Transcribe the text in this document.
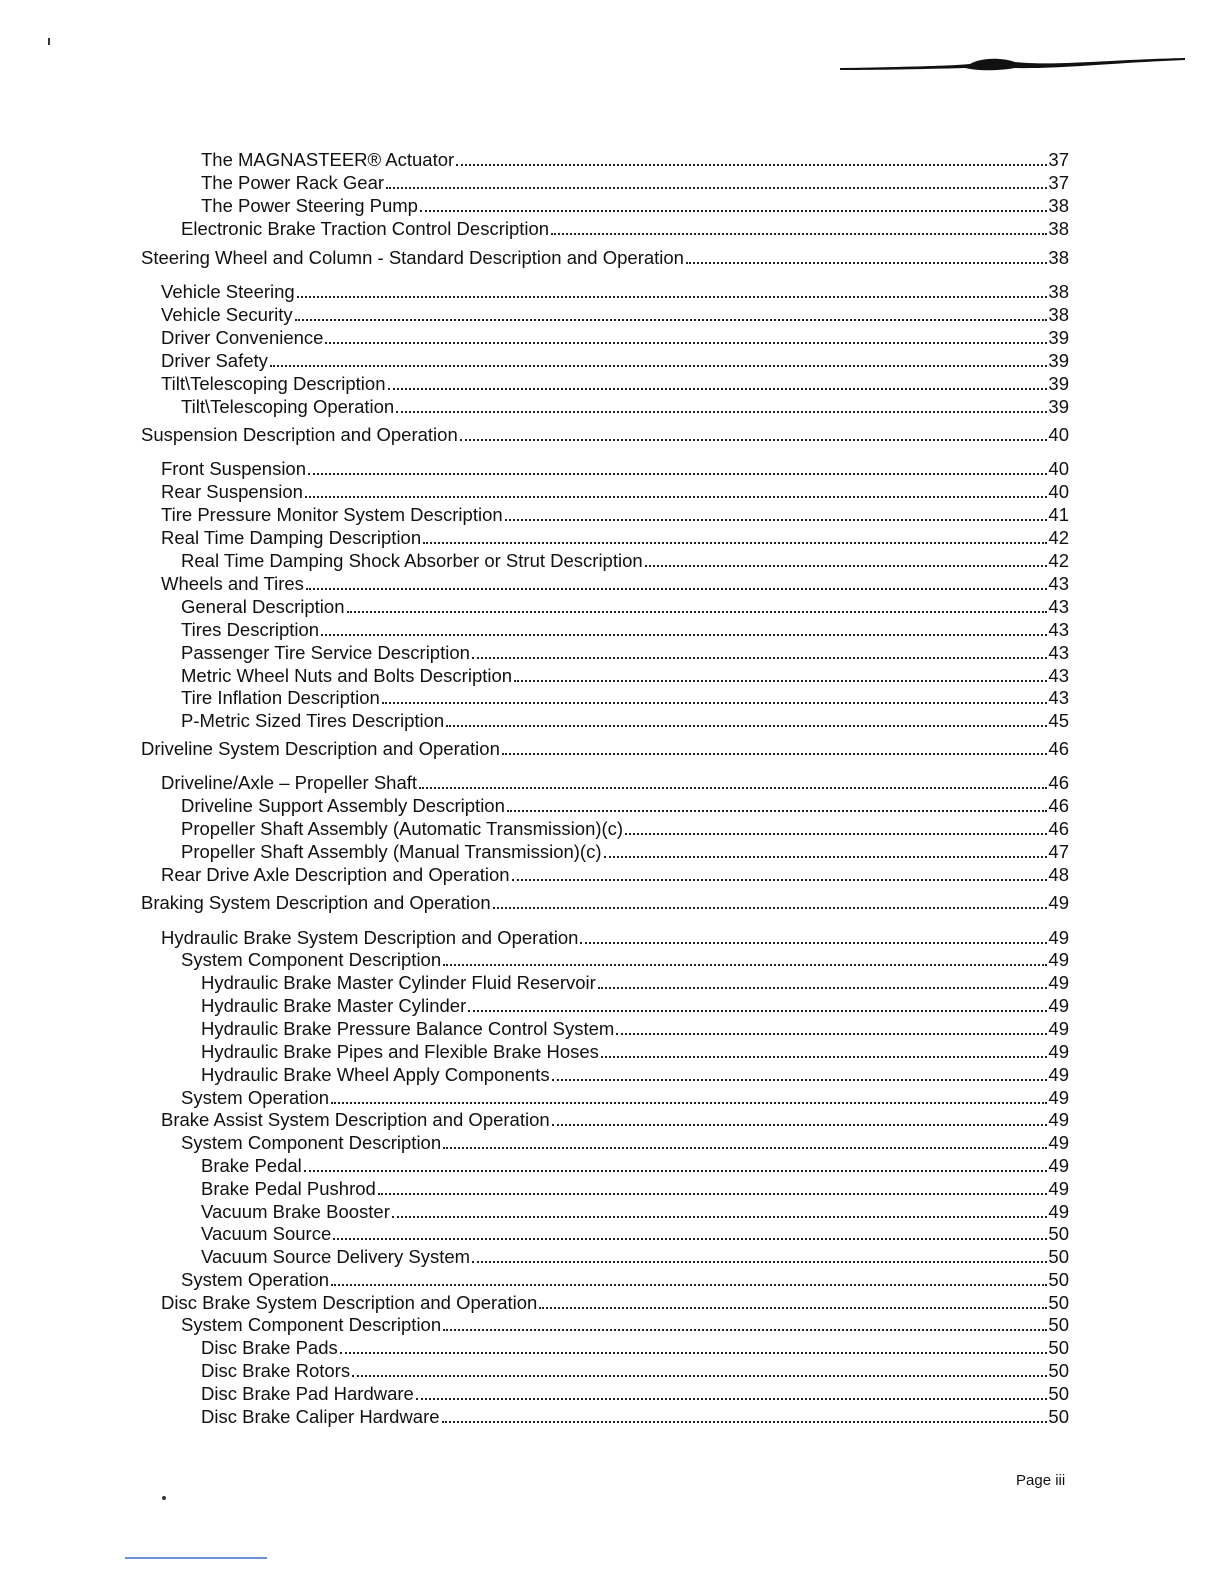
The MAGNASTEER® Actuator	37
The Power Rack Gear	37
The Power Steering Pump	38
Electronic Brake Traction Control Description	38
Steering Wheel and Column - Standard Description and Operation	38
Vehicle Steering	38
Vehicle Security	38
Driver Convenience	39
Driver Safety	39
Tilt\Telescoping Description	39
Tilt\Telescoping Operation	39
Suspension Description and Operation	40
Front Suspension	40
Rear Suspension	40
Tire Pressure Monitor System Description	41
Real Time Damping Description	42
Real Time Damping Shock Absorber or Strut Description	42
Wheels and Tires	43
General Description	43
Tires Description	43
Passenger Tire Service Description	43
Metric Wheel Nuts and Bolts Description	43
Tire Inflation Description	43
P-Metric Sized Tires Description	45
Driveline System Description and Operation	46
Driveline/Axle – Propeller Shaft	46
Driveline Support Assembly Description	46
Propeller Shaft Assembly (Automatic Transmission)(c)	46
Propeller Shaft Assembly (Manual Transmission)(c)	47
Rear Drive Axle Description and Operation	48
Braking System Description and Operation	49
Hydraulic Brake System Description and Operation	49
System Component Description	49
Hydraulic Brake Master Cylinder Fluid Reservoir	49
Hydraulic Brake Master Cylinder	49
Hydraulic Brake Pressure Balance Control System	49
Hydraulic Brake Pipes and Flexible Brake Hoses	49
Hydraulic Brake Wheel Apply Components	49
System Operation	49
Brake Assist System Description and Operation	49
System Component Description	49
Brake Pedal	49
Brake Pedal Pushrod	49
Vacuum Brake Booster	49
Vacuum Source	50
Vacuum Source Delivery System	50
System Operation	50
Disc Brake System Description and Operation	50
System Component Description	50
Disc Brake Pads	50
Disc Brake Rotors	50
Disc Brake Pad Hardware	50
Disc Brake Caliper Hardware	50
Page iii
